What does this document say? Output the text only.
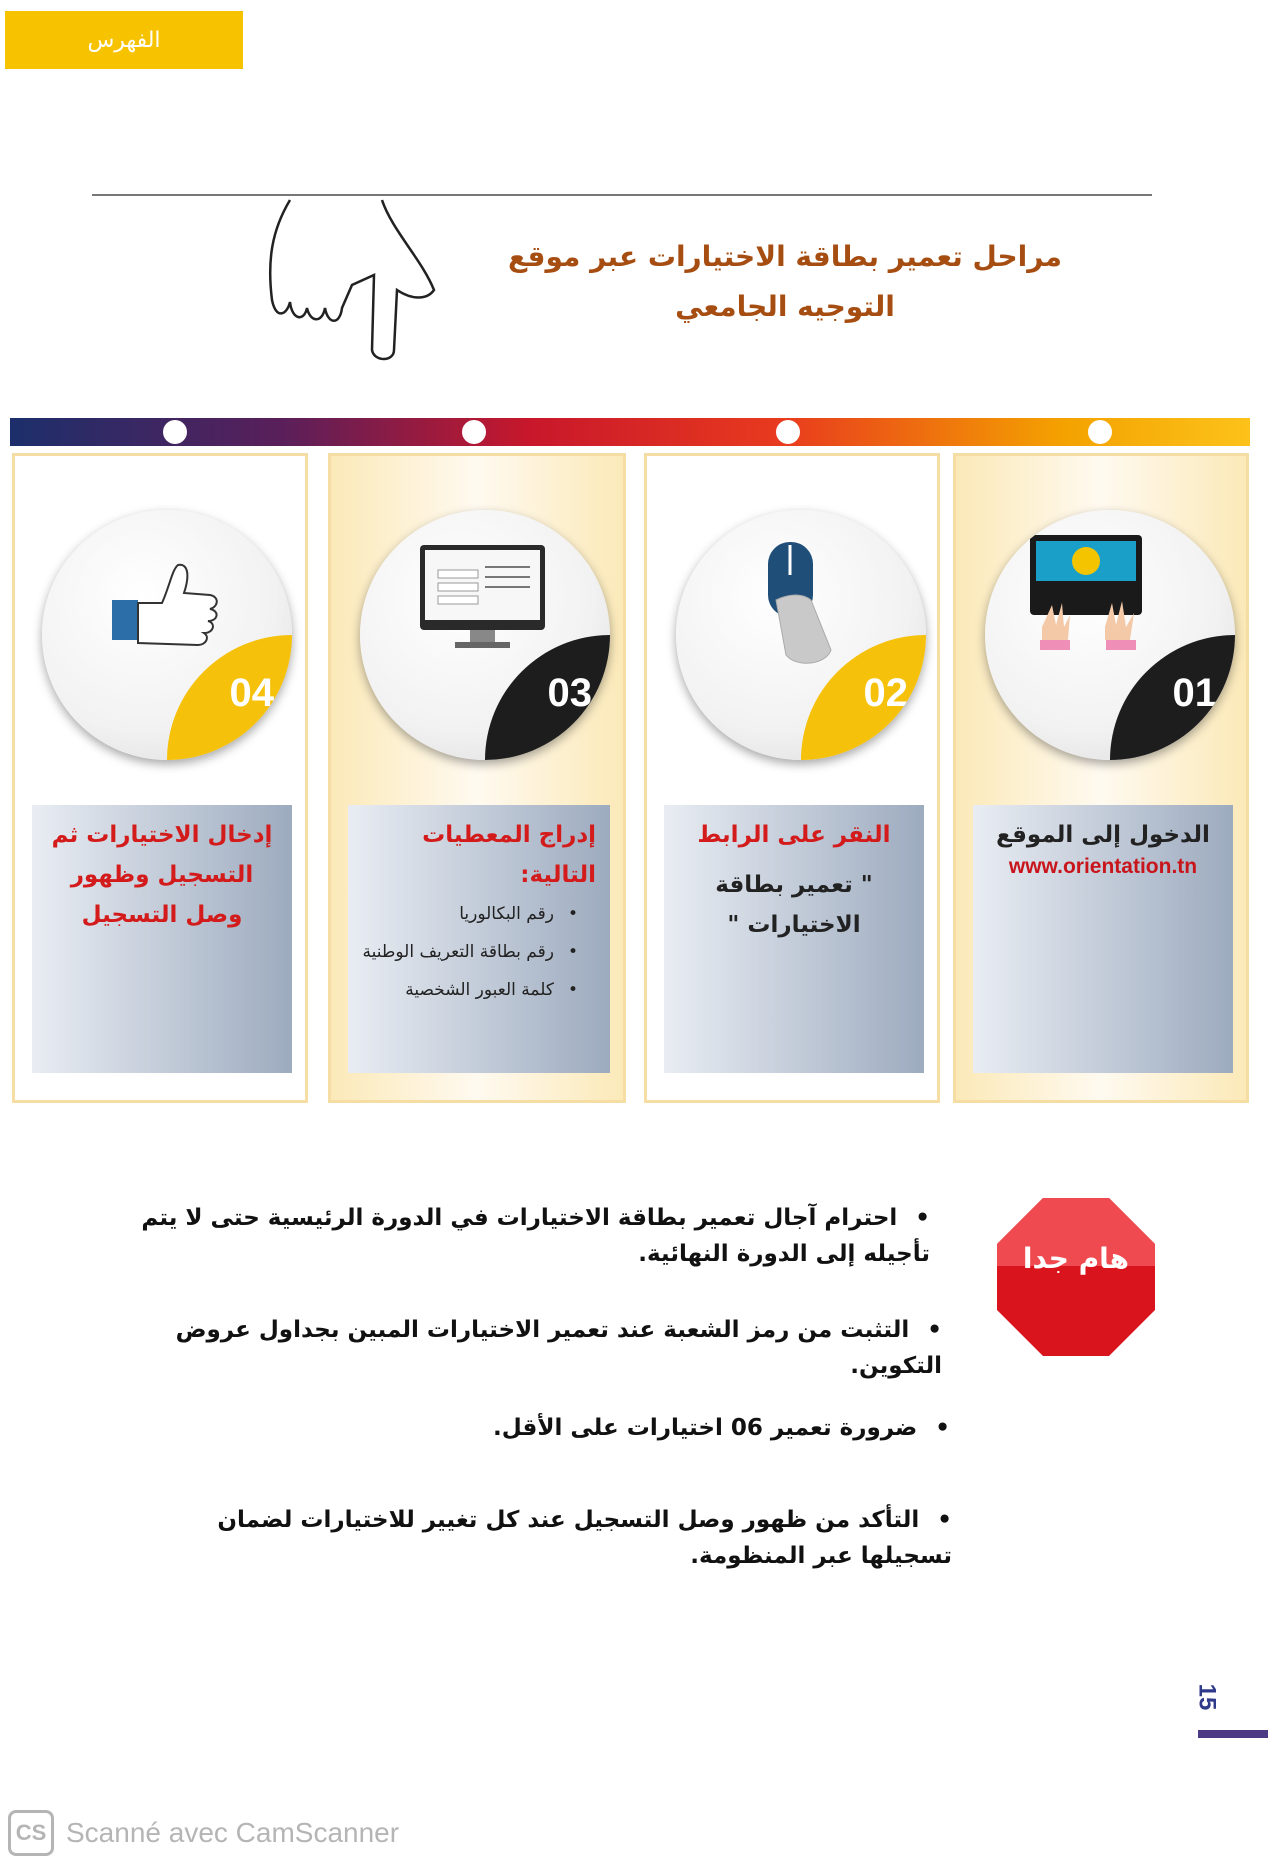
الفهرس
مراحل تعمير بطاقة الاختيارات عبر موقع التوجيه الجامعي
04	03	02	01
إدخال الاختيارات ثم التسجيل وظهور وصل التسجيل
إدراج المعطيات التالية:
• رقم البكالوريا
• رقم بطاقة التعريف الوطنية
• كلمة العبور الشخصية
النقر على الرابط
" تعمير بطاقة الاختيارات "
الدخول إلى الموقع
www.orientation.tn
هام جدا
• احترام آجال تعمير بطاقة الاختيارات في الدورة الرئيسية حتى لا يتم تأجيله إلى الدورة النهائية.
• التثبت من رمز الشعبة عند تعمير الاختيارات المبين بجداول عروض التكوين.
• ضرورة تعمير 06 اختيارات على الأقل.
• التأكد من ظهور وصل التسجيل عند كل تغيير للاختيارات لضمان تسجيلها عبر المنظومة.
15
CS Scanné avec CamScanner
